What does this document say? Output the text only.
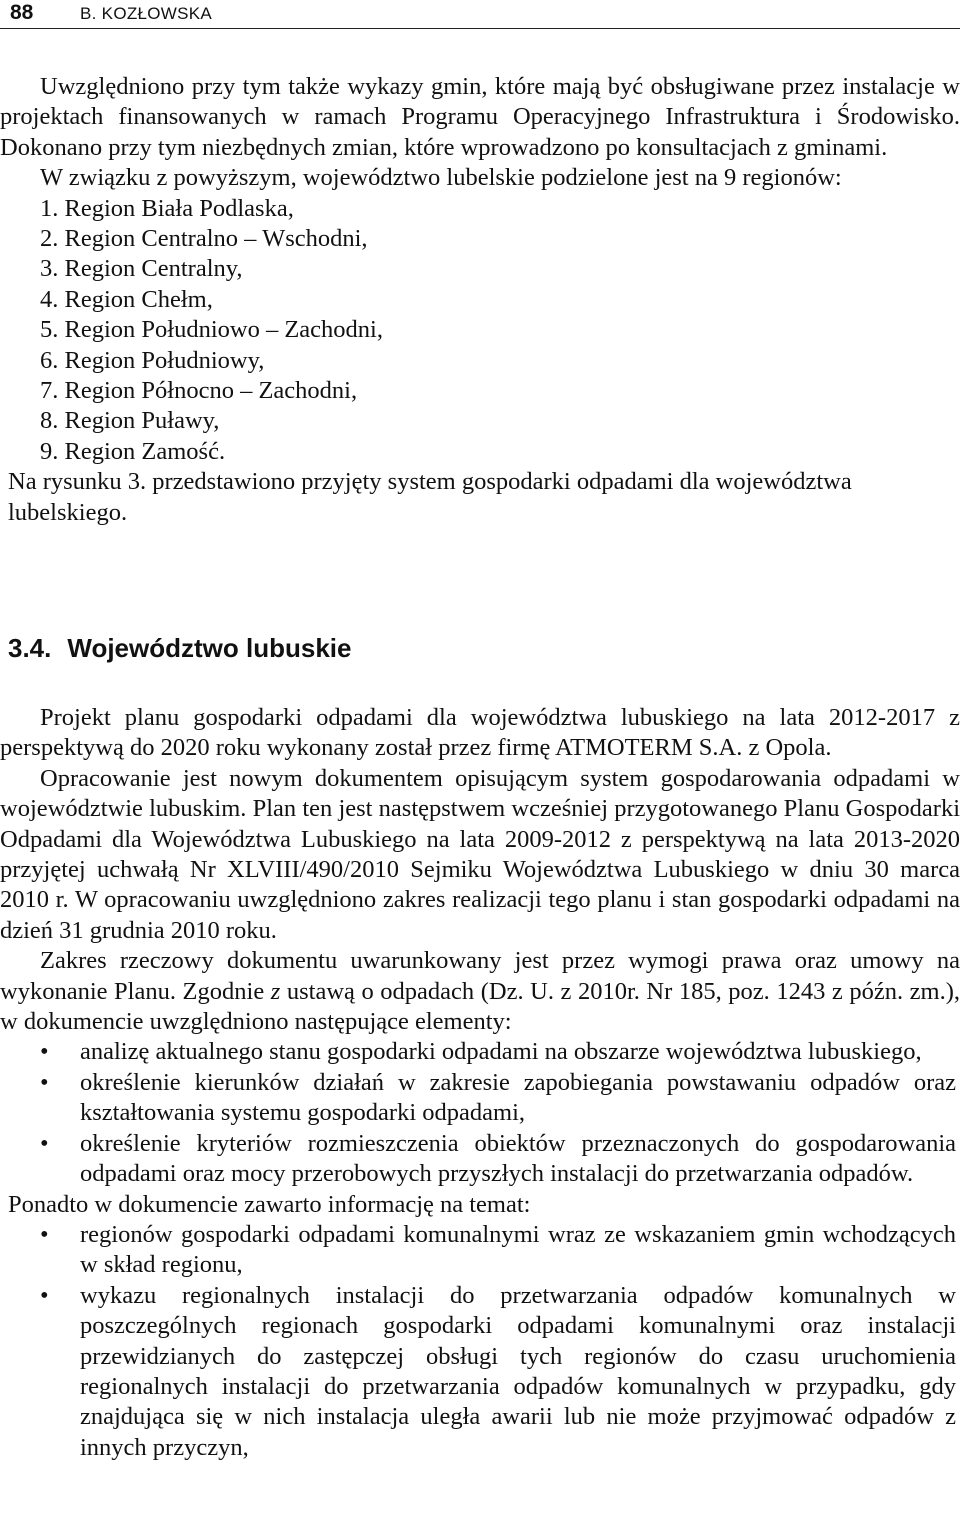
88	B. KOZŁOWSKA

Uwzględniono przy tym także wykazy gmin, które mają być obsługiwane przez instalacje w projektach finansowanych w ramach Programu Operacyjnego Infrastruktura i Środowisko. Dokonano przy tym niezbędnych zmian, które wprowadzono po konsultacjach z gminami.

W związku z powyższym, województwo lubelskie podzielone jest na 9 regionów:

1. Region Biała Podlaska,
2. Region Centralno – Wschodni,
3. Region Centralny,
4. Region Chełm,
5. Region Południowo – Zachodni,
6. Region Południowy,
7. Region Północno – Zachodni,
8. Region Puławy,
9. Region Zamość.

Na rysunku 3. przedstawiono przyjęty system gospodarki odpadami dla województwa lubelskiego.

3.4. Województwo lubuskie

Projekt planu gospodarki odpadami dla województwa lubuskiego na lata 2012-2017 z perspektywą do 2020 roku wykonany został przez firmę ATMOTERM S.A. z Opola.

Opracowanie jest nowym dokumentem opisującym system gospodarowania odpadami w województwie lubuskim. Plan ten jest następstwem wcześniej przygotowanego Planu Gospodarki Odpadami dla Województwa Lubuskiego na lata 2009-2012 z perspektywą na lata 2013-2020 przyjętej uchwałą Nr XLVIII/490/2010 Sejmiku Województwa Lubuskiego w dniu 30 marca 2010 r. W opracowaniu uwzględniono zakres realizacji tego planu i stan gospodarki odpadami na dzień 31 grudnia 2010 roku.

Zakres rzeczowy dokumentu uwarunkowany jest przez wymogi prawa oraz umowy na wykonanie Planu. Zgodnie z ustawą o odpadach (Dz. U. z 2010r. Nr 185, poz. 1243 z późn. zm.), w dokumencie uwzględniono następujące elementy:

• analizę aktualnego stanu gospodarki odpadami na obszarze województwa lubuskiego,
• określenie kierunków działań w zakresie zapobiegania powstawaniu odpadów oraz kształtowania systemu gospodarki odpadami,
• określenie kryteriów rozmieszczenia obiektów przeznaczonych do gospodarowania odpadami oraz mocy przerobowych przyszłych instalacji do przetwarzania odpadów.

Ponadto w dokumencie zawarto informację na temat:

• regionów gospodarki odpadami komunalnymi wraz ze wskazaniem gmin wchodzących w skład regionu,
• wykazu regionalnych instalacji do przetwarzania odpadów komunalnych w poszczególnych regionach gospodarki odpadami komunalnymi oraz instalacji przewidzianych do zastępczej obsługi tych regionów do czasu uruchomienia regionalnych instalacji do przetwarzania odpadów komunalnych w przypadku, gdy znajdująca się w nich instalacja uległa awarii lub nie może przyjmować odpadów z innych przyczyn,
